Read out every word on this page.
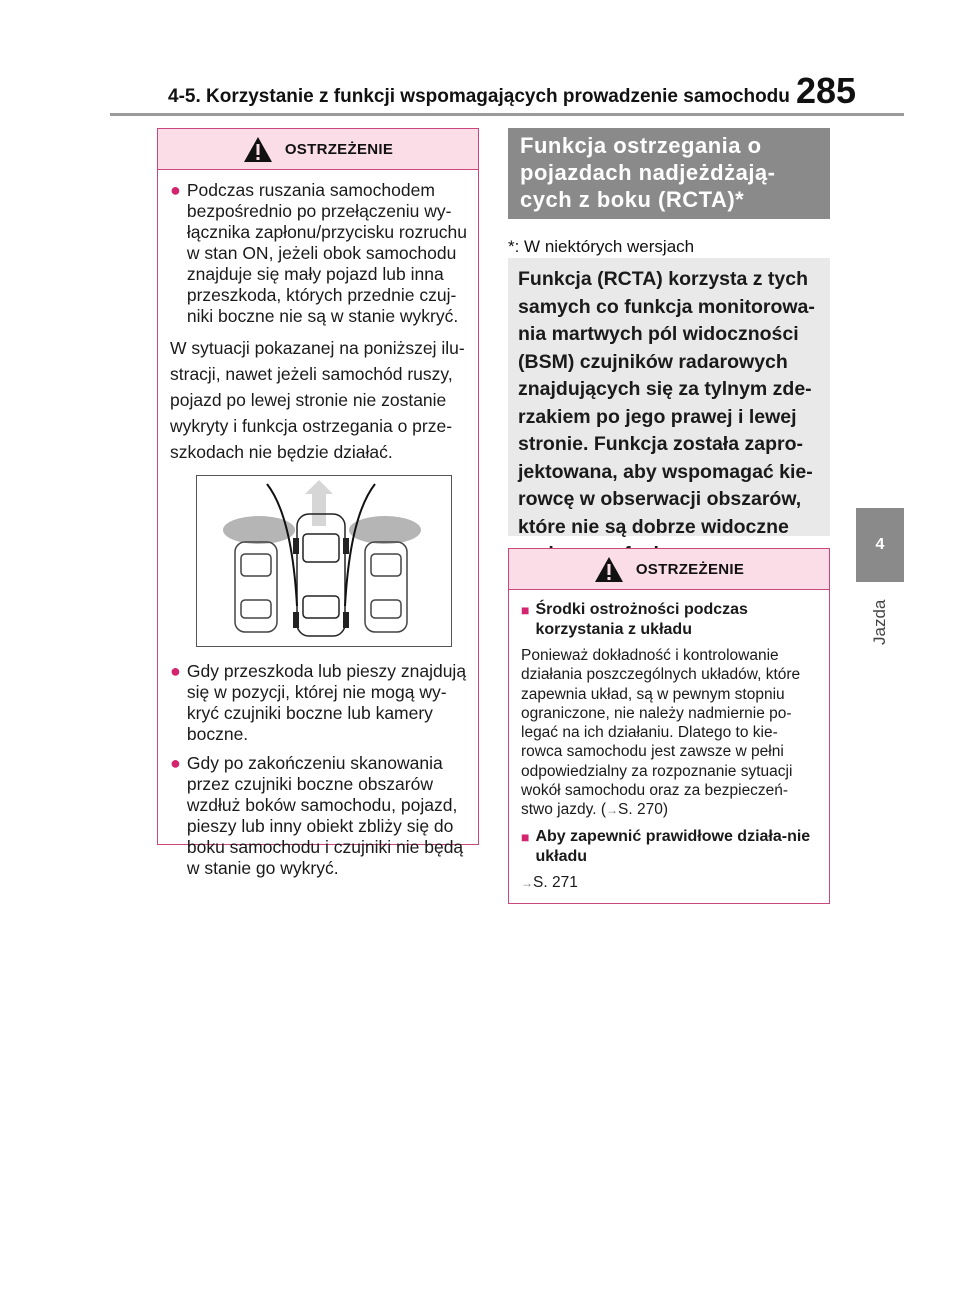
4-5. Korzystanie z funkcji wspomagających prowadzenie samochodu 285
4
Jazda
OSTRZEŻENIE
● Podczas ruszania samochodem bezpośrednio po przełączeniu wy-łącznika zapłonu/przycisku rozruchu w stan ON, jeżeli obok samochodu znajduje się mały pojazd lub inna przeszkoda, których przednie czuj-niki boczne nie są w stanie wykryć.
W sytuacji pokazanej na poniższej ilu-stracji, nawet jeżeli samochód ruszy, pojazd po lewej stronie nie zostanie wykryty i funkcja ostrzegania o prze-szkodach nie będzie działać.
● Gdy przeszkoda lub pieszy znajdują się w pozycji, której nie mogą wy-kryć czujniki boczne lub kamery boczne.
● Gdy po zakończeniu skanowania przez czujniki boczne obszarów wzdłuż boków samochodu, pojazd, pieszy lub inny obiekt zbliży się do boku samochodu i czujniki nie będą w stanie go wykryć.
Funkcja ostrzegania o pojazdach nadjeżdżają-cych z boku (RCTA)*
*: W niektórych wersjach
Funkcja (RCTA) korzysta z tych samych co funkcja monitorowa-nia martwych pól widoczności (BSM) czujników radarowych znajdujących się za tylnym zde-rzakiem po jego prawej i lewej stronie. Funkcja została zapro-jektowana, aby wspomagać kie-rowcę w obserwacji obszarów, które nie są dobrze widoczne
OSTRZEŻENIE
■ Środki ostrożności podczas korzystania z układu
Ponieważ dokładność i kontrolowanie działania poszczególnych układów, które zapewnia układ, są w pewnym stopniu ograniczone, nie należy nadmiernie po-legać na ich działaniu. Dlatego to kie-rowca samochodu jest zawsze w pełni odpowiedzialny za rozpoznanie sytuacji wokół samochodu oraz za bezpieczeń-stwo jazdy. (→S. 270)
■ Aby zapewnić prawidłowe działa-nie układu
→S. 271
